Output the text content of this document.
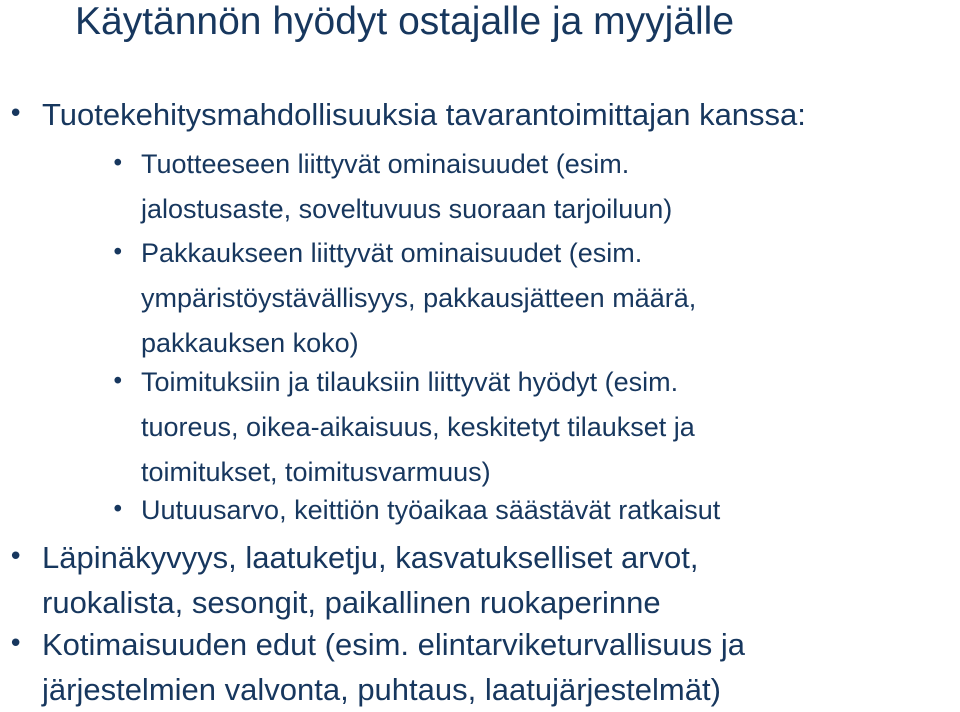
Käytännön hyödyt ostajalle ja myyjälle
• Tuotekehitysmahdollisuuksia tavarantoimittajan kanssa:
• Tuotteeseen liittyvät ominaisuudet (esim.
jalostusaste, soveltuvuus suoraan tarjoiluun)
• Pakkaukseen liittyvät ominaisuudet (esim.
ympäristöystävällisyys, pakkausjätteen määrä,
pakkauksen koko)
• Toimituksiin ja tilauksiin liittyvät hyödyt (esim.
tuoreus, oikea-aikaisuus, keskitetyt tilaukset ja
toimitukset, toimitusvarmuus)
• Uutuusarvo, keittiön työaikaa säästävät ratkaisut
• Läpinäkyvyys, laatuketju, kasvatukselliset arvot,
ruokalista, sesongit, paikallinen ruokaperinne
• Kotimaisuuden edut (esim. elintarviketurvallisuus ja
järjestelmien valvonta, puhtaus, laatujärjestelmät)
